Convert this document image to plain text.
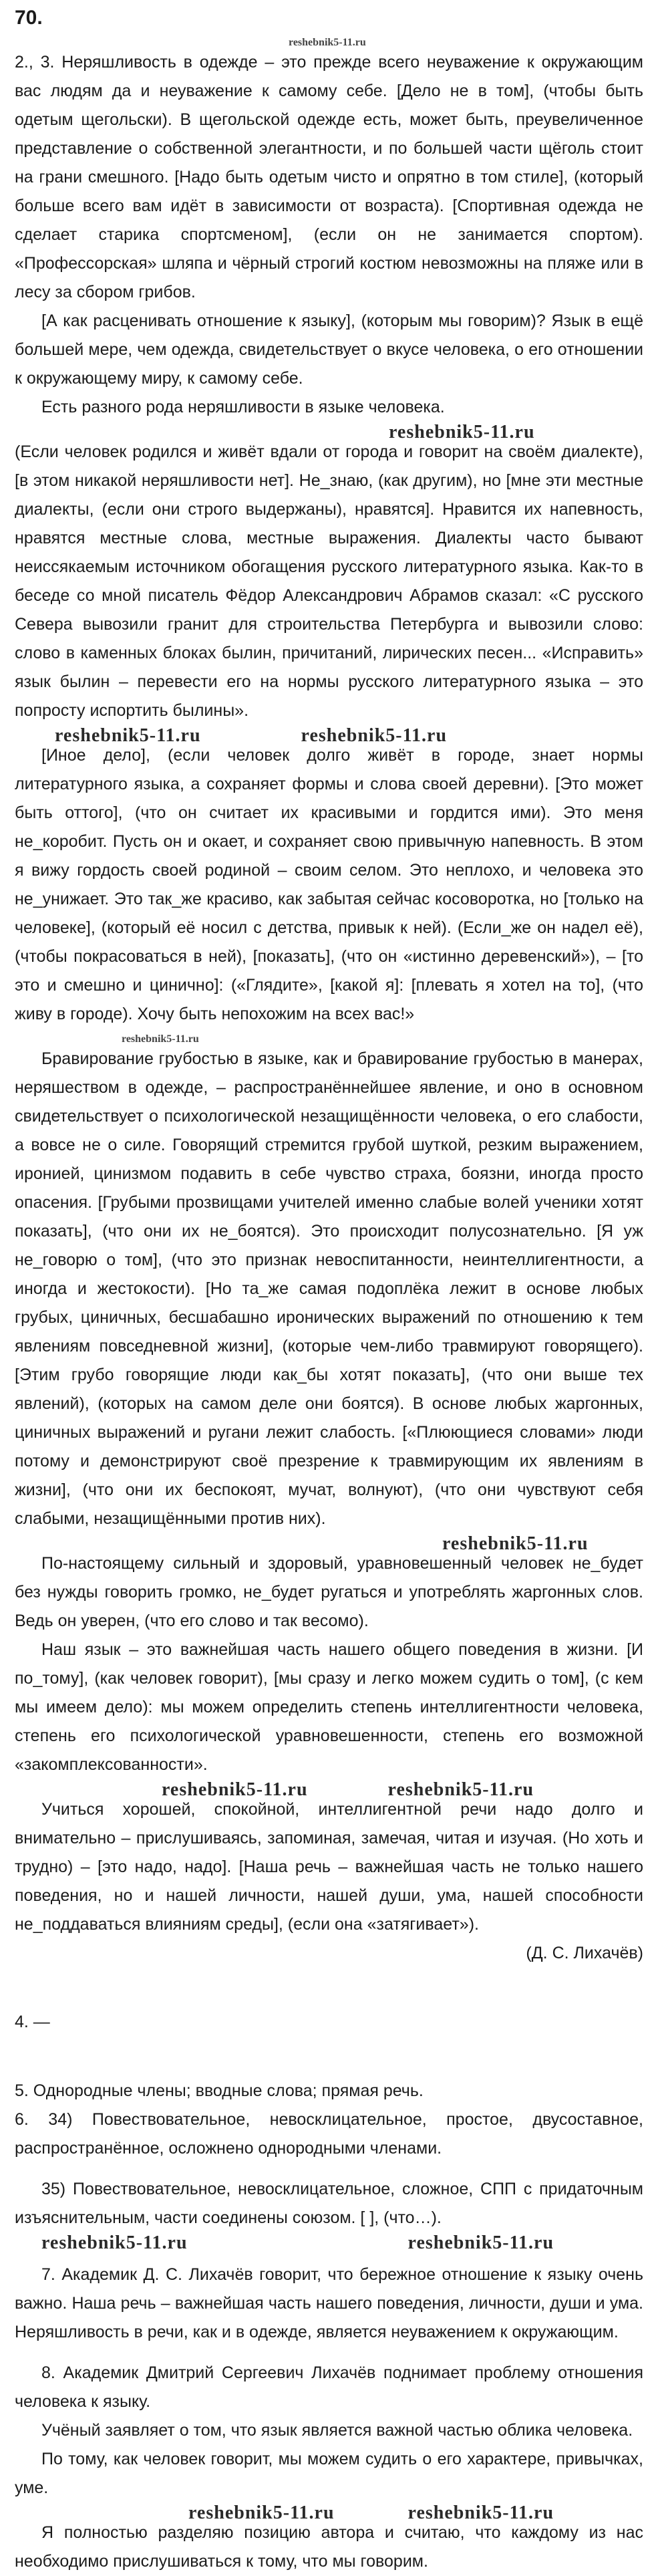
70.
reshebnik5-11.ru

2., 3. Неряшливость в одежде – это прежде всего неуважение к окружающим вас людям да и неуважение к самому себе. [Дело не в том], (чтобы быть одетым щегольски). В щегольской одежде есть, может быть, преувеличенное представление о собственной элегантности, и по большей части щёголь стоит на грани смешного. [Надо быть одетым чисто и опрятно в том стиле], (который больше всего вам идёт в зависимости от возраста). [Спортивная одежда не сделает старика спортсменом], (если он не занимается спортом). «Профессорская» шляпа и чёрный строгий костюм невозможны на пляже или в лесу за сбором грибов.

[А как расценивать отношение к языку], (которым мы говорим)? Язык в ещё большей мере, чем одежда, свидетельствует о вкусе человека, о его отношении к окружающему миру, к самому себе.

Есть разного рода неряшливости в языке человека.

reshebnik5-11.ru

(Если человек родился и живёт вдали от города и говорит на своём диалекте), [в этом никакой неряшливости нет]. Не_знаю, (как другим), но [мне эти местные диалекты, (если они строго выдержаны), нравятся]. Нравится их напевность, нравятся местные слова, местные выражения. Диалекты часто бывают неиссякаемым источником обогащения русского литературного языка. Как-то в беседе со мной писатель Фёдор Александрович Абрамов сказал: «С русского Севера вывозили гранит для строительства Петербурга и вывозили слово: слово в каменных блоках былин, причитаний, лирических песен... «Исправить» язык былин – перевести его на нормы русского литературного языка – это попросту испортить былины».

reshebnik5-11.ru	reshebnik5-11.ru

[Иное дело], (если человек долго живёт в городе, знает нормы литературного языка, а сохраняет формы и слова своей деревни). [Это может быть оттого], (что он считает их красивыми и гордится ими). Это меня не_коробит. Пусть он и окает, и сохраняет свою привычную напевность. В этом я вижу гордость своей родиной – своим селом. Это неплохо, и человека это не_унижает. Это так_же красиво, как забытая сейчас косоворотка, но [только на человеке], (который её носил с детства, привык к ней). (Если_же он надел её), (чтобы покрасоваться в ней), [показать], (что он «истинно деревенский»), – [то это и смешно и цинично]: («Глядите», [какой я]: [плевать я хотел на то], (что живу в городе). Хочу быть непохожим на всех вас!»

reshebnik5-11.ru

Бравирование грубостью в языке, как и бравирование грубостью в манерах, неряшеством в одежде, – распространённейшее явление, и оно в основном свидетельствует о психологической незащищённости человека, о его слабости, а вовсе не о силе. Говорящий стремится грубой шуткой, резким выражением, иронией, цинизмом подавить в себе чувство страха, боязни, иногда просто опасения. [Грубыми прозвищами учителей именно слабые волей ученики хотят показать], (что они их не_боятся). Это происходит полусознательно. [Я уж не_говорю о том], (что это признак невоспитанности, неинтеллигентности, а иногда и жестокости). [Но та_же самая подоплёка лежит в основе любых грубых, циничных, бесшабашно иронических выражений по отношению к тем явлениям повседневной жизни], (которые чем-либо травмируют говорящего). [Этим грубо говорящие люди как_бы хотят показать], (что они выше тех явлений), (которых на самом деле они боятся). В основе любых жаргонных, циничных выражений и ругани лежит слабость. [«Плюющиеся словами» люди потому и демонстрируют своё презрение к травмирующим их явлениям в жизни], (что они их беспокоят, мучат, волнуют), (что они чувствуют себя слабыми, незащищёнными против них).

reshebnik5-11.ru

По-настоящему сильный и здоровый, уравновешенный человек не_будет без нужды говорить громко, не_будет ругаться и употреблять жаргонных слов. Ведь он уверен, (что его слово и так весомо).

Наш язык – это важнейшая часть нашего общего поведения в жизни. [И по_тому], (как человек говорит), [мы сразу и легко можем судить о том], (с кем мы имеем дело): мы можем определить степень интеллигентности человека, степень его психологической уравновешенности, степень его возможной «закомплексованности».

reshebnik5-11.ru	reshebnik5-11.ru

Учиться хорошей, спокойной, интеллигентной речи надо долго и внимательно – прислушиваясь, запоминая, замечая, читая и изучая. (Но хоть и трудно) – [это надо, надо]. [Наша речь – важнейшая часть не только нашего поведения, но и нашей личности, нашей души, ума, нашей способности не_поддаваться влияниям среды], (если она «затягивает»).

(Д. С. Лихачёв)

4. —

5. Однородные члены; вводные слова; прямая речь.

6. 34) Повествовательное, невосклицательное, простое, двусоставное, распространённое, осложнено однородными членами.

35) Повествовательное, невосклицательное, сложное, СПП с придаточным изъяснительным, части соединены союзом. [ ], (что…).

reshebnik5-11.ru	reshebnik5-11.ru

7. Академик Д. С. Лихачёв говорит, что бережное отношение к языку очень важно. Наша речь – важнейшая часть нашего поведения, личности, души и ума. Неряшливость в речи, как и в одежде, является неуважением к окружающим.

8. Академик Дмитрий Сергеевич Лихачёв поднимает проблему отношения человека к языку.

Учёный заявляет о том, что язык является важной частью облика человека.

По тому, как человек говорит, мы можем судить о его характере, привычках, уме.

reshebnik5-11.ru	reshebnik5-11.ru

Я полностью разделяю позицию автора и считаю, что каждому из нас необходимо прислушиваться к тому, что мы говорим.
